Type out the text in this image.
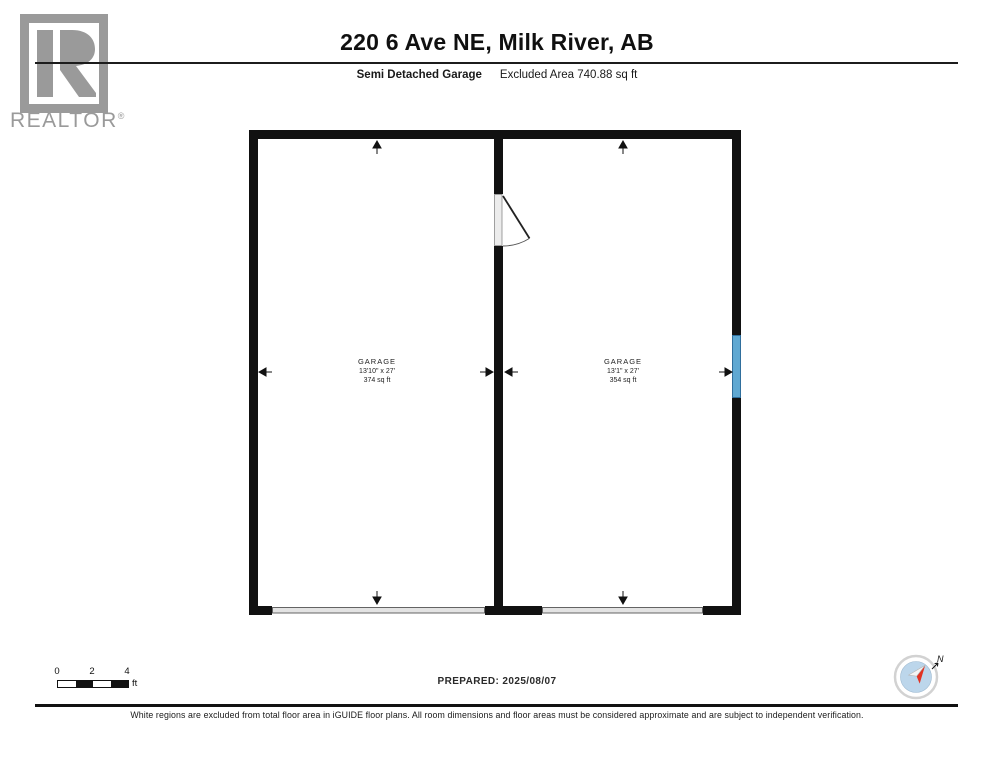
REALTOR®
220 6 Ave NE, Milk River, AB
Semi Detached Garage Excluded Area 740.88 sq ft
GARAGE
13'10" x 27'
374 sq ft
GARAGE
13'1" x 27'
354 sq ft
0	2	4
ft	PREPARED: 2025/08/07
N
White regions are excluded from total floor area in iGUIDE floor plans. All room dimensions and floor areas must be considered approximate and are subject to independent verification.
